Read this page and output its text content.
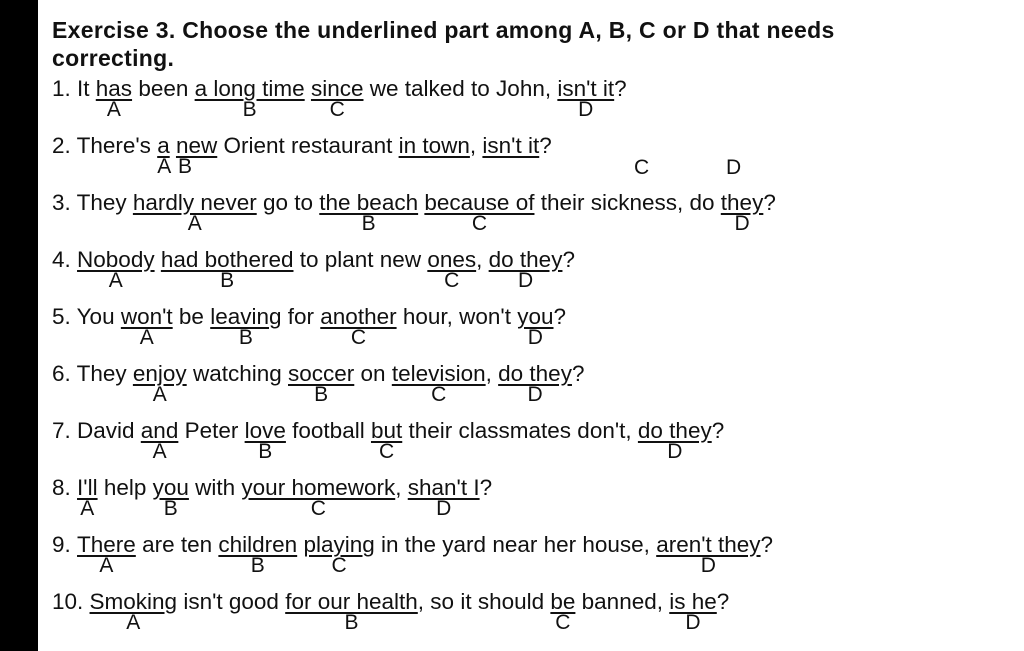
Exercise 3. Choose the underlined part among A, B, C or D that needs
correcting.
1. It has
A
been a long time
B
since
C
we talked to John, isn't it
D
?
2. There's a
A
new
B
Orient restaurant in town, isn't it?
C	D
3. They hardly never
A
go to the beach
B
because of
C
their sickness, do they
D
?
4. Nobody
A
had bothered
B
to plant new ones
C
, do they
D
?
5. You won't
A
be leaving
B
for another
C
hour, won't you
D
?
6. They enjoy
A
watching soccer
B
on television
C
, do they
D
?
7. David and
A
Peter love
B
football but
C
their classmates don't, do they
D
?
8. I'll
A
help you
B
with your homework
C
, shan't I
D
?
9. There
A
are ten children
B
playing
C
in the yard near her house, aren't they
D
?
10. Smoking
A
isn't good for our health
B
, so it should be
C
banned, is he
D
?
